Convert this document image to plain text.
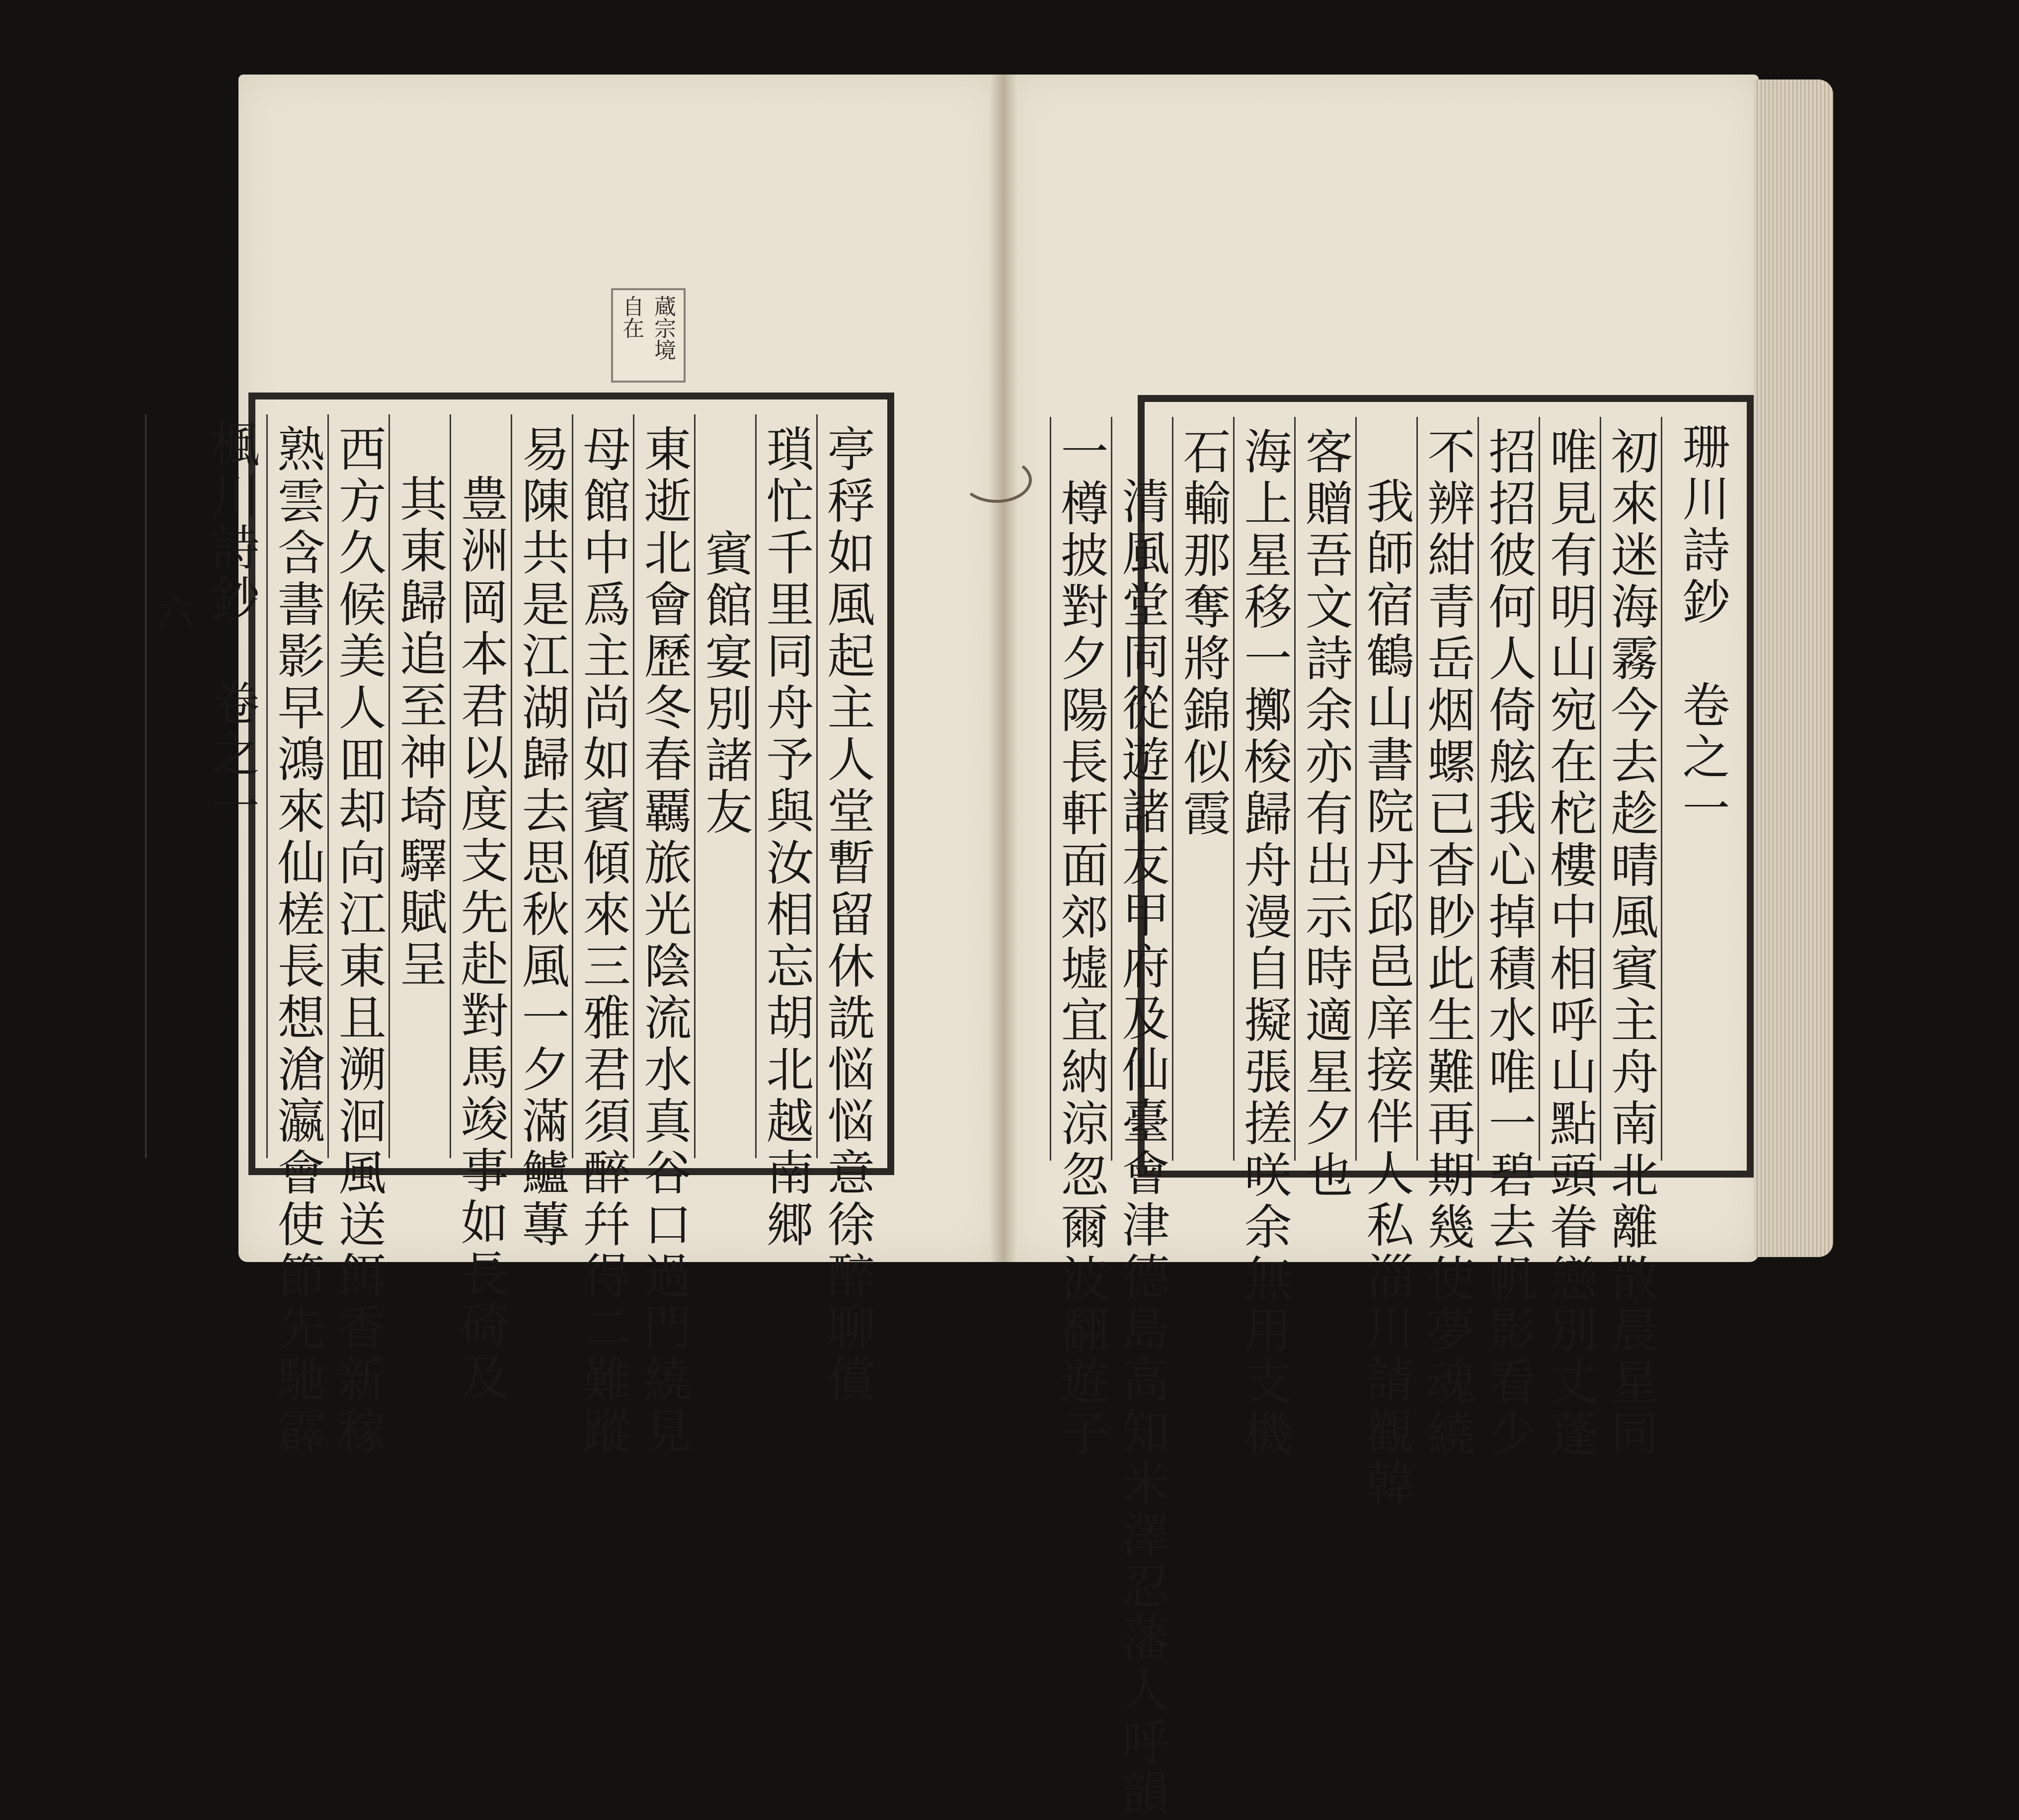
蔵宗境自在
亭稃如風起主人堂暫留休詵悩悩意徐醉聊償
瑣忙千里同舟予與汝相忘胡北越南郷
賓館宴別諸友
東逝北會歷冬春覊旅光陰流水真谷口過門繞見
母館中爲主尚如賓傾來三雅君須醉幷得二難蹤
易陳共是江湖歸去思秋風一夕滿鱸蓴
豊洲岡本君以度支先赴對馬竣事如長碕及
其東歸追至神埼驛賦呈
西方久候美人囬却向江東且溯洄風送餌香新稼
熟雲含書影早鴻來仙槎長想滄瀛會使節先馳霹
楓川詩鈔　卷之一
六	珊川詩鈔　卷之一
初來迷海霧今去趁晴風賓主舟南北離散晨星同
唯見有明山宛在柁樓中相呼山點頭眷戀別丈蓬
招招彼何人倚舷我心掉積水唯一碧去帆影看少
不辨紺青岳烟螺已杳眇此生難再期幾使夢魂繞
我師宿鶴山書院丹邱邑庠接伴人私淄川請觀韓
客贈吾文詩余亦有出示時適星夕也
海上星移一擲梭歸舟漫自擬張搓咲余無用支機
石輸那奪將錦似霞
清風堂同從遊諸友甲府及仙臺會津德島高知米澤忍藩人呼韻
一樽披對夕陽長軒面郊墟宜納涼忽爾波翻遊子
